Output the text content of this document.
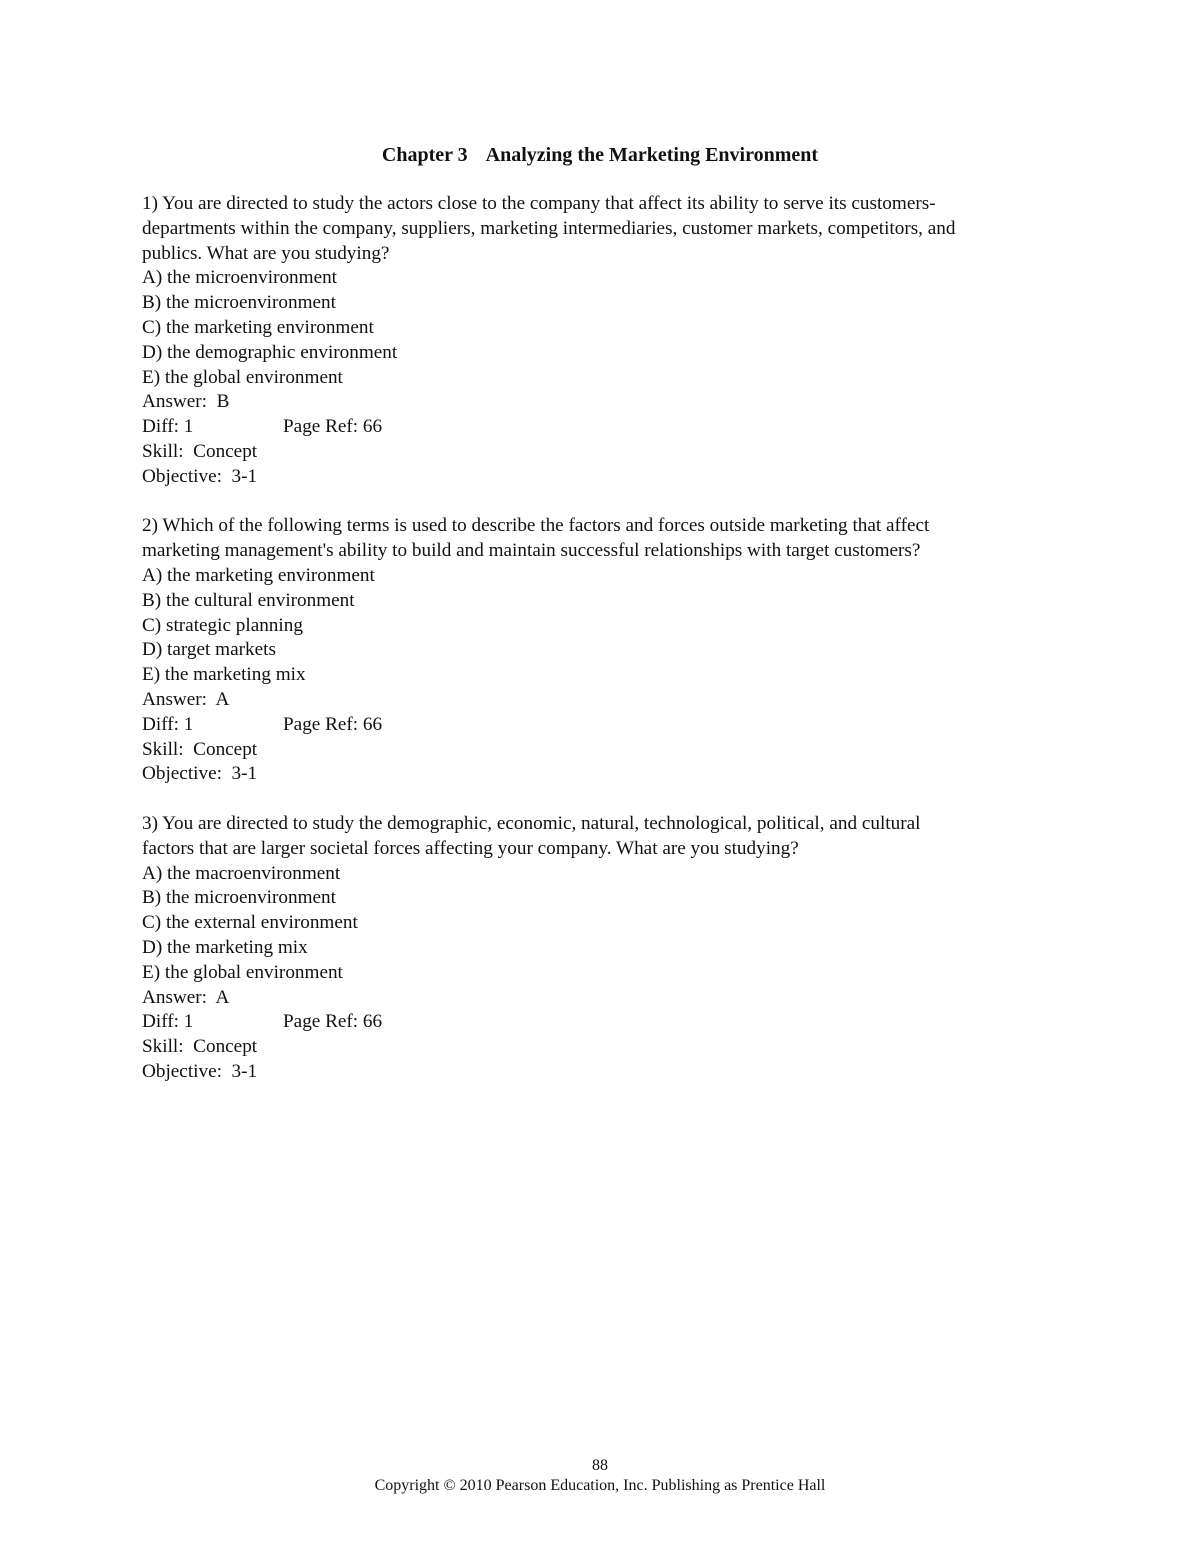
Chapter 3 Analyzing the Marketing Environment

1) You are directed to study the actors close to the company that affect its ability to serve its customers-

departments within the company, suppliers, marketing intermediaries, customer markets, competitors, and

publics. What are you studying?

A) the microenvironment

B) the microenvironment

C) the marketing environment

D) the demographic environment

E) the global environment

Answer:  B

Diff: 1	Page Ref: 66

Skill:  Concept

Objective:  3-1

2) Which of the following terms is used to describe the factors and forces outside marketing that affect

marketing management's ability to build and maintain successful relationships with target customers?

A) the marketing environment

B) the cultural environment

C) strategic planning

D) target markets

E) the marketing mix

Answer:  A

Diff: 1	Page Ref: 66

Skill:  Concept

Objective:  3-1

3) You are directed to study the demographic, economic, natural, technological, political, and cultural

factors that are larger societal forces affecting your company. What are you studying?

A) the macroenvironment

B) the microenvironment

C) the external environment

D) the marketing mix

E) the global environment

Answer:  A

Diff: 1	Page Ref: 66

Skill:  Concept

Objective:  3-1

88
Copyright © 2010 Pearson Education, Inc. Publishing as Prentice Hall
